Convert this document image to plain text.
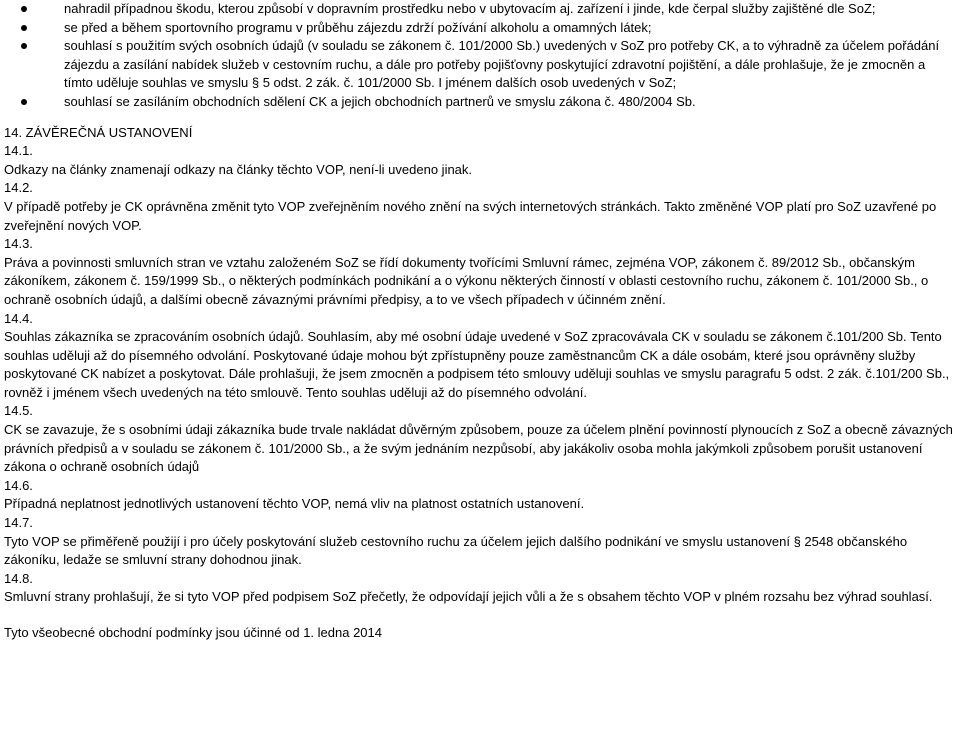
nahradil případnou škodu, kterou způsobí v dopravním prostředku nebo v ubytovacím aj. zařízení i jinde, kde čerpal služby zajištěné dle SoZ;
se před a během sportovního programu v průběhu zájezdu zdrží požívání alkoholu a omamných látek;
souhlasí s použitím svých osobních údajů (v souladu se zákonem č. 101/2000 Sb.) uvedených v SoZ pro potřeby CK, a to výhradně za účelem pořádání zájezdu a zasílání nabídek služeb v cestovním ruchu, a dále pro potřeby pojišťovny poskytující zdravotní pojištění, a dále prohlašuje, že je zmocněn a tímto uděluje souhlas ve smyslu § 5 odst. 2 zák. č. 101/2000 Sb. I jménem dalších osob uvedených v SoZ;
souhlasí se zasíláním obchodních sdělení CK a jejich obchodních partnerů ve smyslu zákona č. 480/2004 Sb.

14. ZÁVĚREČNÁ USTANOVENÍ

14.1.

Odkazy na články znamenají odkazy na články těchto VOP, není-li uvedeno jinak.

14.2.

V případě potřeby je CK oprávněna změnit tyto VOP zveřejněním nového znění na svých internetových stránkách. Takto změněné VOP platí pro SoZ uzavřené po zveřejnění nových VOP.

14.3.

Práva a povinnosti smluvních stran ve vztahu založeném SoZ se řídí dokumenty tvořícími Smluvní rámec, zejména VOP, zákonem č. 89/2012 Sb., občanským zákoníkem, zákonem č. 159/1999 Sb., o některých podmínkách podnikání a o výkonu některých činností v oblasti cestovního ruchu, zákonem č. 101/2000 Sb., o ochraně osobních údajů, a dalšími obecně závaznými právními předpisy, a to ve všech případech v účinném znění.

14.4.

Souhlas zákazníka se zpracováním osobních údajů. Souhlasím, aby mé osobní údaje uvedené v SoZ zpracovávala CK v souladu se zákonem č.101/200 Sb. Tento souhlas uděluji až do písemného odvolání. Poskytované údaje mohou být zpřístupněny pouze zaměstnancům CK a dále osobám, které jsou oprávněny služby poskytované CK nabízet a poskytovat. Dále prohlašuji, že jsem zmocněn a podpisem této smlouvy uděluji souhlas ve smyslu paragrafu 5 odst. 2 zák. č.101/200 Sb., rovněž i jménem všech uvedených na této smlouvě. Tento souhlas uděluji až do písemného odvolání.

14.5.

CK se zavazuje, že s osobními údaji zákazníka bude trvale nakládat důvěrným způsobem, pouze za účelem plnění povinností plynoucích z SoZ a obecně závazných právních předpisů a v souladu se zákonem č. 101/2000 Sb., a že svým jednáním nezpůsobí, aby jakákoliv osoba mohla jakýmkoli způsobem porušit ustanovení zákona o ochraně osobních údajů

14.6.

Případná neplatnost jednotlivých ustanovení těchto VOP, nemá vliv na platnost ostatních ustanovení.

14.7.

Tyto VOP se přiměřeně použijí i pro účely poskytování služeb cestovního ruchu za účelem jejich dalšího podnikání ve smyslu ustanovení § 2548 občanského zákoníku, ledaže se smluvní strany dohodnou jinak.

14.8.

Smluvní strany prohlašují, že si tyto VOP před podpisem SoZ přečetly, že odpovídají jejich vůli a že s obsahem těchto VOP v plném rozsahu bez výhrad souhlasí.

Tyto všeobecné obchodní podmínky jsou účinné od 1. ledna 2014
